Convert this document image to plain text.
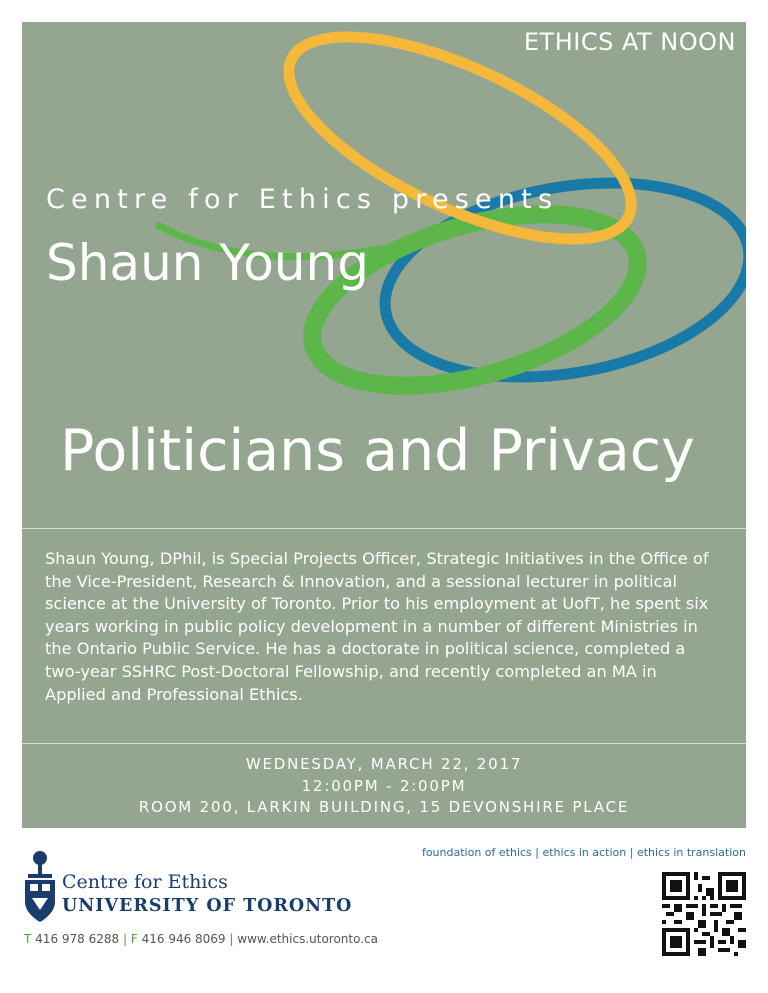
ETHICS AT NOON
Centre for Ethics presents
Shaun Young
Politicians and Privacy
Shaun Young, DPhil, is Special Projects Officer, Strategic Initiatives in the Office of
the Vice-President, Research & Innovation, and a sessional lecturer in political
science at the University of Toronto. Prior to his employment at UofT, he spent six
years working in public policy development in a number of different Ministries in
the Ontario Public Service. He has a doctorate in political science, completed a
two-year SSHRC Post-Doctoral Fellowship, and recently completed an MA in
Applied and Professional Ethics.
WEDNESDAY, MARCH 22, 2017
12:00PM - 2:00PM
ROOM 200, LARKIN BUILDING, 15 DEVONSHIRE PLACE
foundation of ethics | ethics in action | ethics in translation
Centre for Ethics
UNIVERSITY OF TORONTO
T 416 978 6288 | F 416 946 8069 | www.ethics.utoronto.ca
